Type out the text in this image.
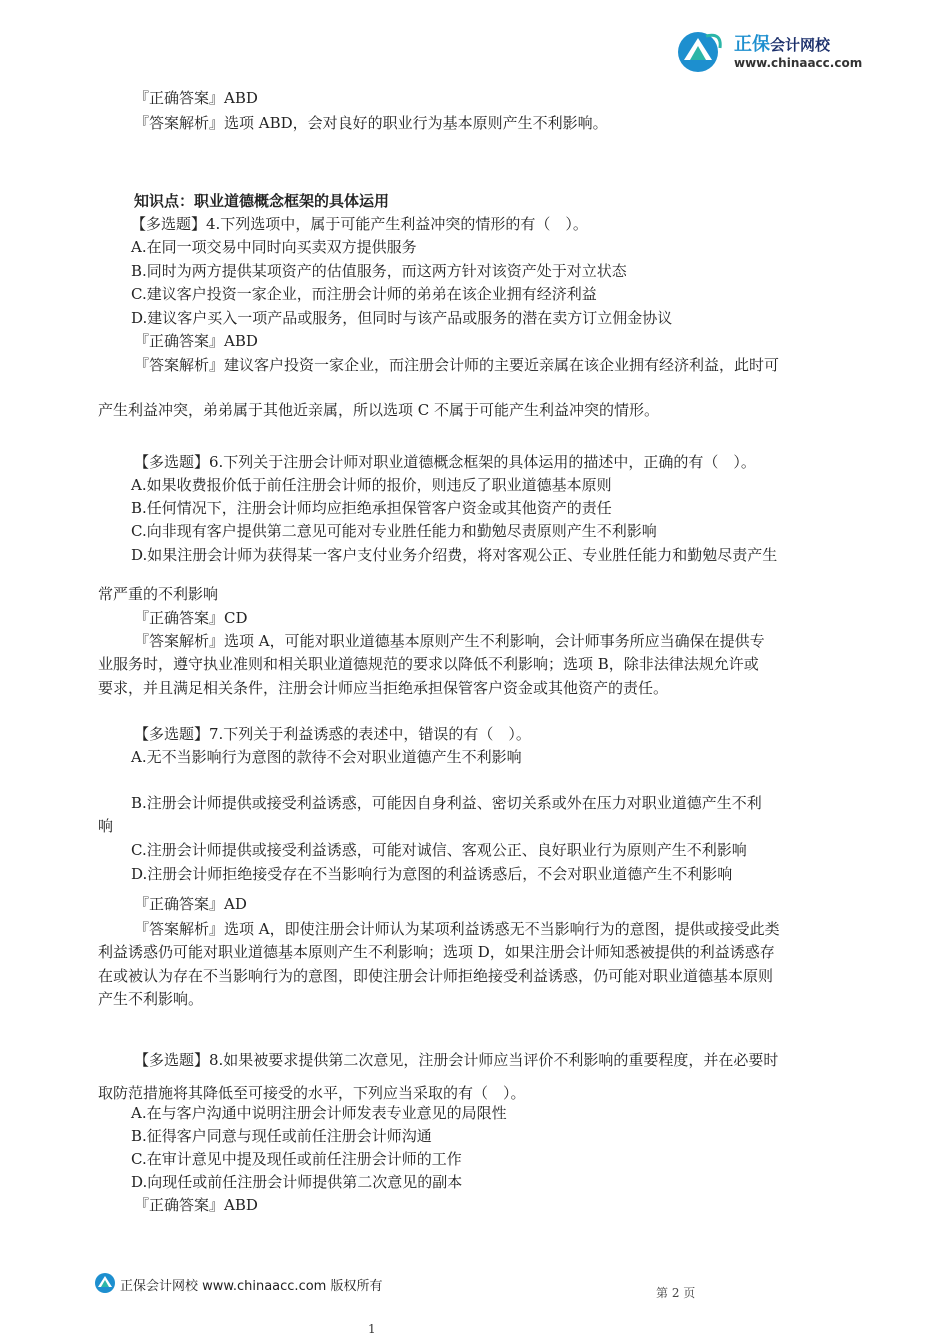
正保会计网校
www.chinaacc.com
『正确答案』ABD
『答案解析』选项 ABD，会对良好的职业行为基本原则产生不利影响。
知识点：职业道德概念框架的具体运用
【多选题】4.下列选项中，属于可能产生利益冲突的情形的有（　）。
A.在同一项交易中同时向买卖双方提供服务
B.同时为两方提供某项资产的估值服务，而这两方针对该资产处于对立状态
C.建议客户投资一家企业，而注册会计师的弟弟在该企业拥有经济利益
D.建议客户买入一项产品或服务，但同时与该产品或服务的潜在卖方订立佣金协议
『正确答案』ABD
『答案解析』建议客户投资一家企业，而注册会计师的主要近亲属在该企业拥有经济利益，此时可
产生利益冲突，弟弟属于其他近亲属，所以选项 C 不属于可能产生利益冲突的情形。
【多选题】6.下列关于注册会计师对职业道德概念框架的具体运用的描述中，正确的有（　）。
A.如果收费报价低于前任注册会计师的报价，则违反了职业道德基本原则
B.任何情况下，注册会计师均应拒绝承担保管客户资金或其他资产的责任
C.向非现有客户提供第二意见可能对专业胜任能力和勤勉尽责原则产生不利影响
D.如果注册会计师为获得某一客户支付业务介绍费，将对客观公正、专业胜任能力和勤勉尽责产生
常严重的不利影响
『正确答案』CD
『答案解析』选项 A，可能对职业道德基本原则产生不利影响，会计师事务所应当确保在提供专
业服务时，遵守执业准则和相关职业道德规范的要求以降低不利影响；选项 B，除非法律法规允许或
要求，并且满足相关条件，注册会计师应当拒绝承担保管客户资金或其他资产的责任。
【多选题】7.下列关于利益诱惑的表述中，错误的有（　）。
A.无不当影响行为意图的款待不会对职业道德产生不利影响
B.注册会计师提供或接受利益诱惑，可能因自身利益、密切关系或外在压力对职业道德产生不利
响
C.注册会计师提供或接受利益诱惑，可能对诚信、客观公正、良好职业行为原则产生不利影响
D.注册会计师拒绝接受存在不当影响行为意图的利益诱惑后，不会对职业道德产生不利影响
『正确答案』AD
『答案解析』选项 A，即使注册会计师认为某项利益诱惑无不当影响行为的意图，提供或接受此类
利益诱惑仍可能对职业道德基本原则产生不利影响；选项 D，如果注册会计师知悉被提供的利益诱惑存
在或被认为存在不当影响行为的意图，即使注册会计师拒绝接受利益诱惑，仍可能对职业道德基本原则
产生不利影响。
【多选题】8.如果被要求提供第二次意见，注册会计师应当评价不利影响的重要程度，并在必要时
取防范措施将其降低至可接受的水平，下列应当采取的有（　）。
A.在与客户沟通中说明注册会计师发表专业意见的局限性
B.征得客户同意与现任或前任注册会计师沟通
C.在审计意见中提及现任或前任注册会计师的工作
D.向现任或前任注册会计师提供第二次意见的副本
『正确答案』ABD
正保会计网校 www.chinaacc.com 版权所有	第 2 页
1
